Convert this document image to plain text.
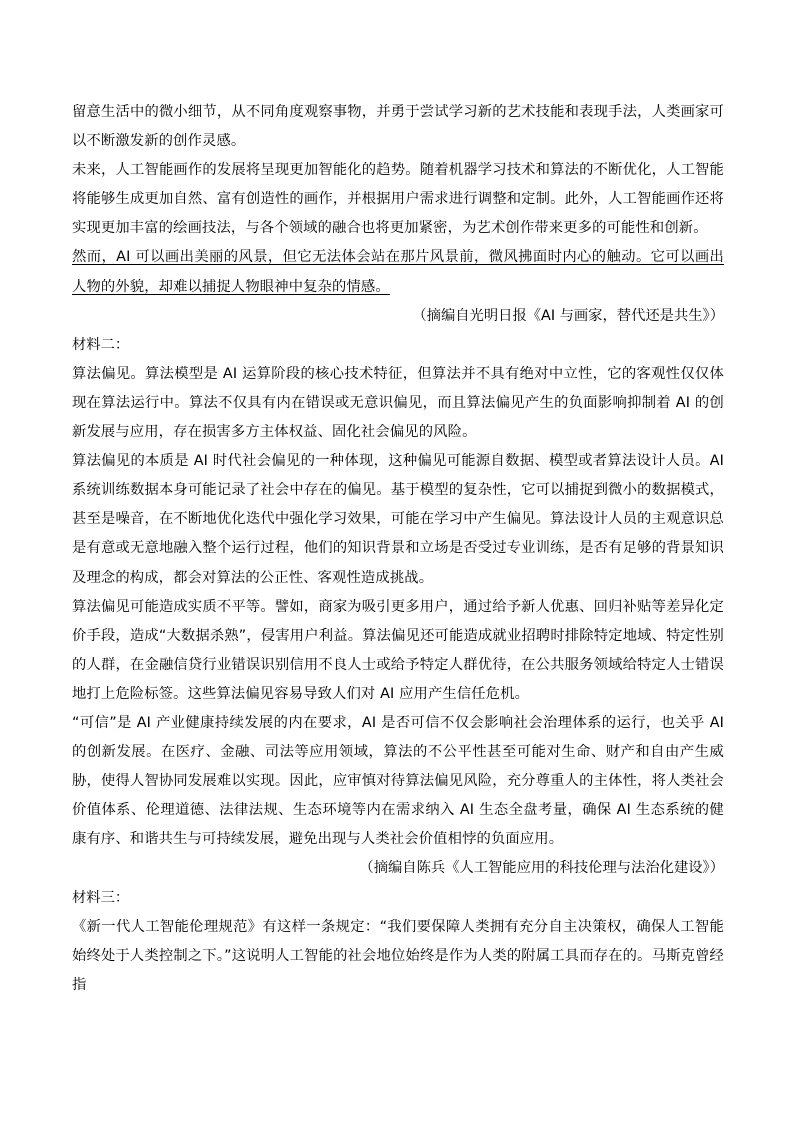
留意生活中的微小细节，从不同角度观察事物，并勇于尝试学习新的艺术技能和表现手法，人类画家可以不断激发新的创作灵感。

未来，人工智能画作的发展将呈现更加智能化的趋势。随着机器学习技术和算法的不断优化，人工智能将能够生成更加自然、富有创造性的画作，并根据用户需求进行调整和定制。此外，人工智能画作还将实现更加丰富的绘画技法，与各个领域的融合也将更加紧密，为艺术创作带来更多的可能性和创新。

然而，AI 可以画出美丽的风景，但它无法体会站在那片风景前，微风拂面时内心的触动。它可以画出人物的外貌，却难以捕捉人物眼神中复杂的情感。

（摘编自光明日报《AI 与画家，替代还是共生》）

材料二：

算法偏见。算法模型是 AI 运算阶段的核心技术特征，但算法并不具有绝对中立性，它的客观性仅仅体现在算法运行中。算法不仅具有内在错误或无意识偏见，而且算法偏见产生的负面影响抑制着 AI 的创新发展与应用，存在损害多方主体权益、固化社会偏见的风险。

算法偏见的本质是 AI 时代社会偏见的一种体现，这种偏见可能源自数据、模型或者算法设计人员。AI 系统训练数据本身可能记录了社会中存在的偏见。基于模型的复杂性，它可以捕捉到微小的数据模式，甚至是噪音，在不断地优化迭代中强化学习效果，可能在学习中产生偏见。算法设计人员的主观意识总是有意或无意地融入整个运行过程，他们的知识背景和立场是否受过专业训练，是否有足够的背景知识及理念的构成，都会对算法的公正性、客观性造成挑战。

算法偏见可能造成实质不平等。譬如，商家为吸引更多用户，通过给予新人优惠、回归补贴等差异化定价手段，造成“大数据杀熟”，侵害用户利益。算法偏见还可能造成就业招聘时排除特定地域、特定性别的人群，在金融信贷行业错误识别信用不良人士或给予特定人群优待，在公共服务领域给特定人士错误地打上危险标签。这些算法偏见容易导致人们对 AI 应用产生信任危机。

“可信”是 AI 产业健康持续发展的内在要求，AI 是否可信不仅会影响社会治理体系的运行，也关乎 AI 的创新发展。在医疗、金融、司法等应用领域，算法的不公平性甚至可能对生命、财产和自由产生威胁，使得人智协同发展难以实现。因此，应审慎对待算法偏见风险，充分尊重人的主体性，将人类社会价值体系、伦理道德、法律法规、生态环境等内在需求纳入 AI 生态全盘考量，确保 AI 生态系统的健康有序、和谐共生与可持续发展，避免出现与人类社会价值相悖的负面应用。

（摘编自陈兵《人工智能应用的科技伦理与法治化建设》）

材料三：

《新一代人工智能伦理规范》有这样一条规定：“我们要保障人类拥有充分自主决策权，确保人工智能始终处于人类控制之下。”这说明人工智能的社会地位始终是作为人类的附属工具而存在的。马斯克曾经指
